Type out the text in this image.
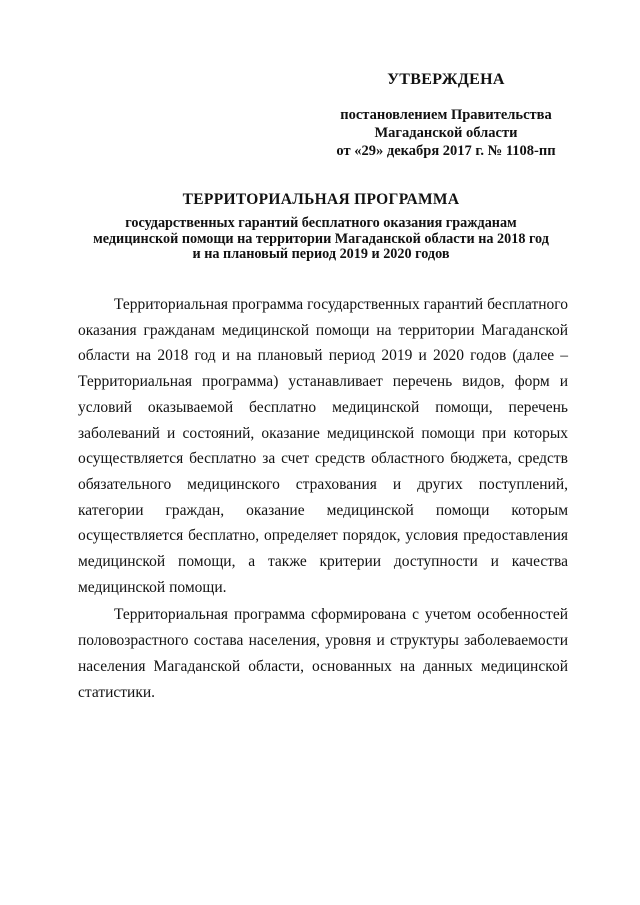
УТВЕРЖДЕНА

постановлением Правительства

Магаданской области

от «29» декабря 2017 г. № 1108-пп

ТЕРРИТОРИАЛЬНАЯ ПРОГРАММА

государственных гарантий бесплатного оказания гражданам

медицинской помощи на территории Магаданской области на 2018 год

и на плановый период 2019 и 2020 годов

Территориальная программа государственных гарантий бесплатного оказания гражданам медицинской помощи на территории Магаданской области на 2018 год и на плановый период 2019 и 2020 годов (далее – Территориальная программа) устанавливает перечень видов, форм и условий оказываемой бесплатно медицинской помощи, перечень заболеваний и состояний, оказание медицинской помощи при которых осуществляется бесплатно за счет средств областного бюджета, средств обязательного медицинского страхования и других поступлений, категории граждан, оказание медицинской помощи которым осуществляется бесплатно, определяет порядок, условия предоставления медицинской помощи, а также критерии доступности и качества медицинской помощи.

Территориальная программа сформирована с учетом особенностей половозрастного состава населения, уровня и структуры заболеваемости населения Магаданской области, основанных на данных медицинской статистики.
